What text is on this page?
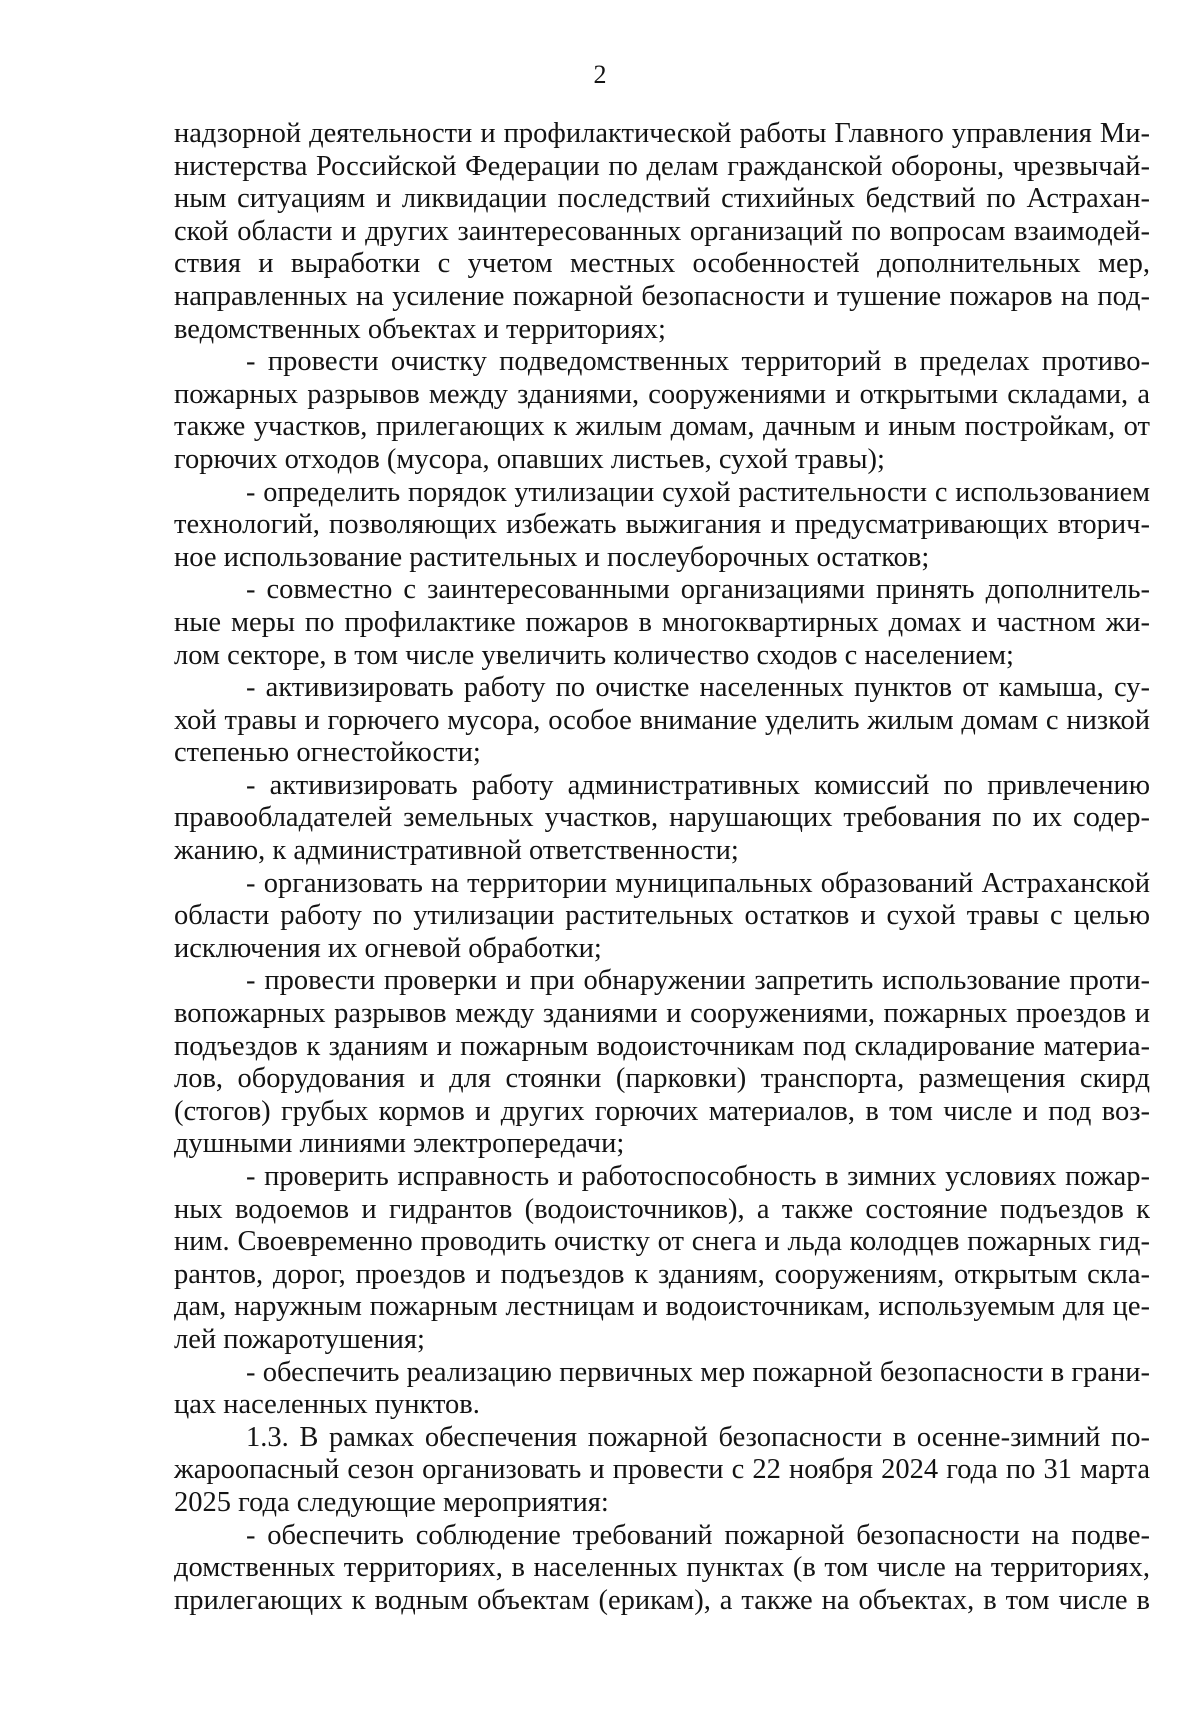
2
надзорной деятельности и профилактической работы Главного управления Ми-
нистерства Российской Федерации по делам гражданской обороны, чрезвычай-
ным ситуациям и ликвидации последствий стихийных бедствий по Астрахан-
ской области и других заинтересованных организаций по вопросам взаимодей-
ствия и выработки с учетом местных особенностей дополнительных мер,
направленных на усиление пожарной безопасности и тушение пожаров на под-
ведомственных объектах и территориях;
- провести очистку подведомственных территорий в пределах противо-
пожарных разрывов между зданиями, сооружениями и открытыми складами, а
также участков, прилегающих к жилым домам, дачным и иным постройкам, от
горючих отходов (мусора, опавших листьев, сухой травы);
- определить порядок утилизации сухой растительности с использованием
технологий, позволяющих избежать выжигания и предусматривающих вторич-
ное использование растительных и послеуборочных остатков;
- совместно с заинтересованными организациями принять дополнитель-
ные меры по профилактике пожаров в многоквартирных домах и частном жи-
лом секторе, в том числе увеличить количество сходов с населением;
- активизировать работу по очистке населенных пунктов от камыша, су-
хой травы и горючего мусора, особое внимание уделить жилым домам с низкой
степенью огнестойкости;
- активизировать работу административных комиссий по привлечению
правообладателей земельных участков, нарушающих требования по их содер-
жанию, к административной ответственности;
- организовать на территории муниципальных образований Астраханской
области работу по утилизации растительных остатков и сухой травы с целью
исключения их огневой обработки;
- провести проверки и при обнаружении запретить использование проти-
вопожарных разрывов между зданиями и сооружениями, пожарных проездов и
подъездов к зданиям и пожарным водоисточникам под складирование материа-
лов, оборудования и для стоянки (парковки) транспорта, размещения скирд
(стогов) грубых кормов и других горючих материалов, в том числе и под воз-
душными линиями электропередачи;
- проверить исправность и работоспособность в зимних условиях пожар-
ных водоемов и гидрантов (водоисточников), а также состояние подъездов к
ним. Своевременно проводить очистку от снега и льда колодцев пожарных гид-
рантов, дорог, проездов и подъездов к зданиям, сооружениям, открытым скла-
дам, наружным пожарным лестницам и водоисточникам, используемым для це-
лей пожаротушения;
- обеспечить реализацию первичных мер пожарной безопасности в грани-
цах населенных пунктов.
1.3. В рамках обеспечения пожарной безопасности в осенне-зимний по-
жароопасный сезон организовать и провести с 22 ноября 2024 года по 31 марта
2025 года следующие мероприятия:
- обеспечить соблюдение требований пожарной безопасности на подве-
домственных территориях, в населенных пунктах (в том числе на территориях,
прилегающих к водным объектам (ерикам), а также на объектах, в том числе в
